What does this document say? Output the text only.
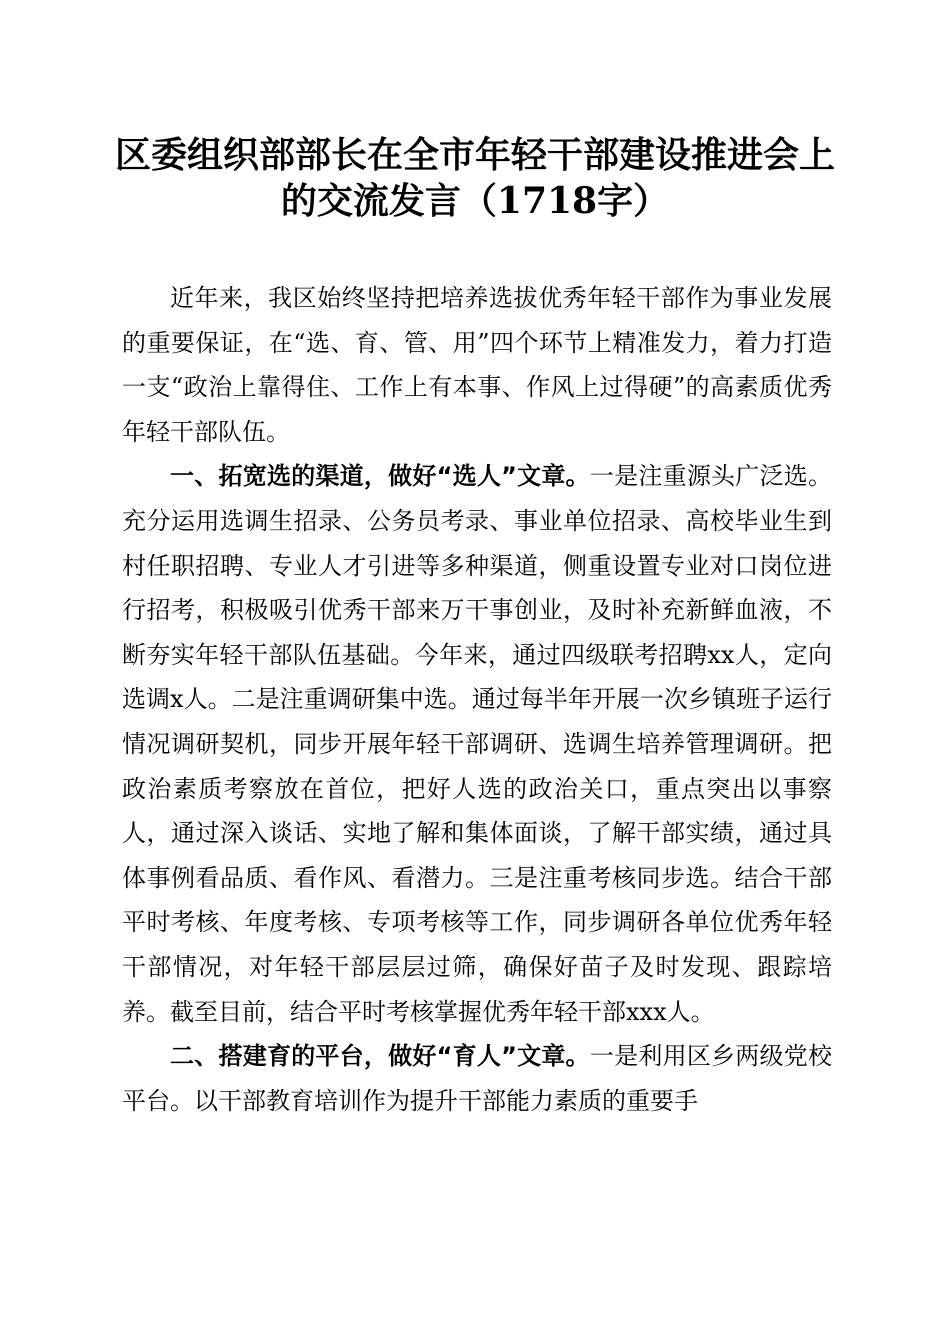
区委组织部部长在全市年轻干部建设推进会上
的交流发言（1718字）

近年来，我区始终坚持把培养选拔优秀年轻干部作为事业发展的重要保证，在“选、育、管、用”四个环节上精准发力，着力打造一支“政治上靠得住、工作上有本事、作风上过得硬”的高素质优秀年轻干部队伍。

一、拓宽选的渠道，做好“选人”文章。一是注重源头广泛选。充分运用选调生招录、公务员考录、事业单位招录、高校毕业生到村任职招聘、专业人才引进等多种渠道，侧重设置专业对口岗位进行招考，积极吸引优秀干部来万干事创业，及时补充新鲜血液，不断夯实年轻干部队伍基础。今年来，通过四级联考招聘xx人，定向选调x人。二是注重调研集中选。通过每半年开展一次乡镇班子运行情况调研契机，同步开展年轻干部调研、选调生培养管理调研。把政治素质考察放在首位，把好人选的政治关口，重点突出以事察人，通过深入谈话、实地了解和集体面谈，了解干部实绩，通过具体事例看品质、看作风、看潜力。三是注重考核同步选。结合干部平时考核、年度考核、专项考核等工作，同步调研各单位优秀年轻干部情况，对年轻干部层层过筛，确保好苗子及时发现、跟踪培养。截至目前，结合平时考核掌握优秀年轻干部xxx人。

二、搭建育的平台，做好“育人”文章。一是利用区乡两级党校平台。以干部教育培训作为提升干部能力素质的重要手
